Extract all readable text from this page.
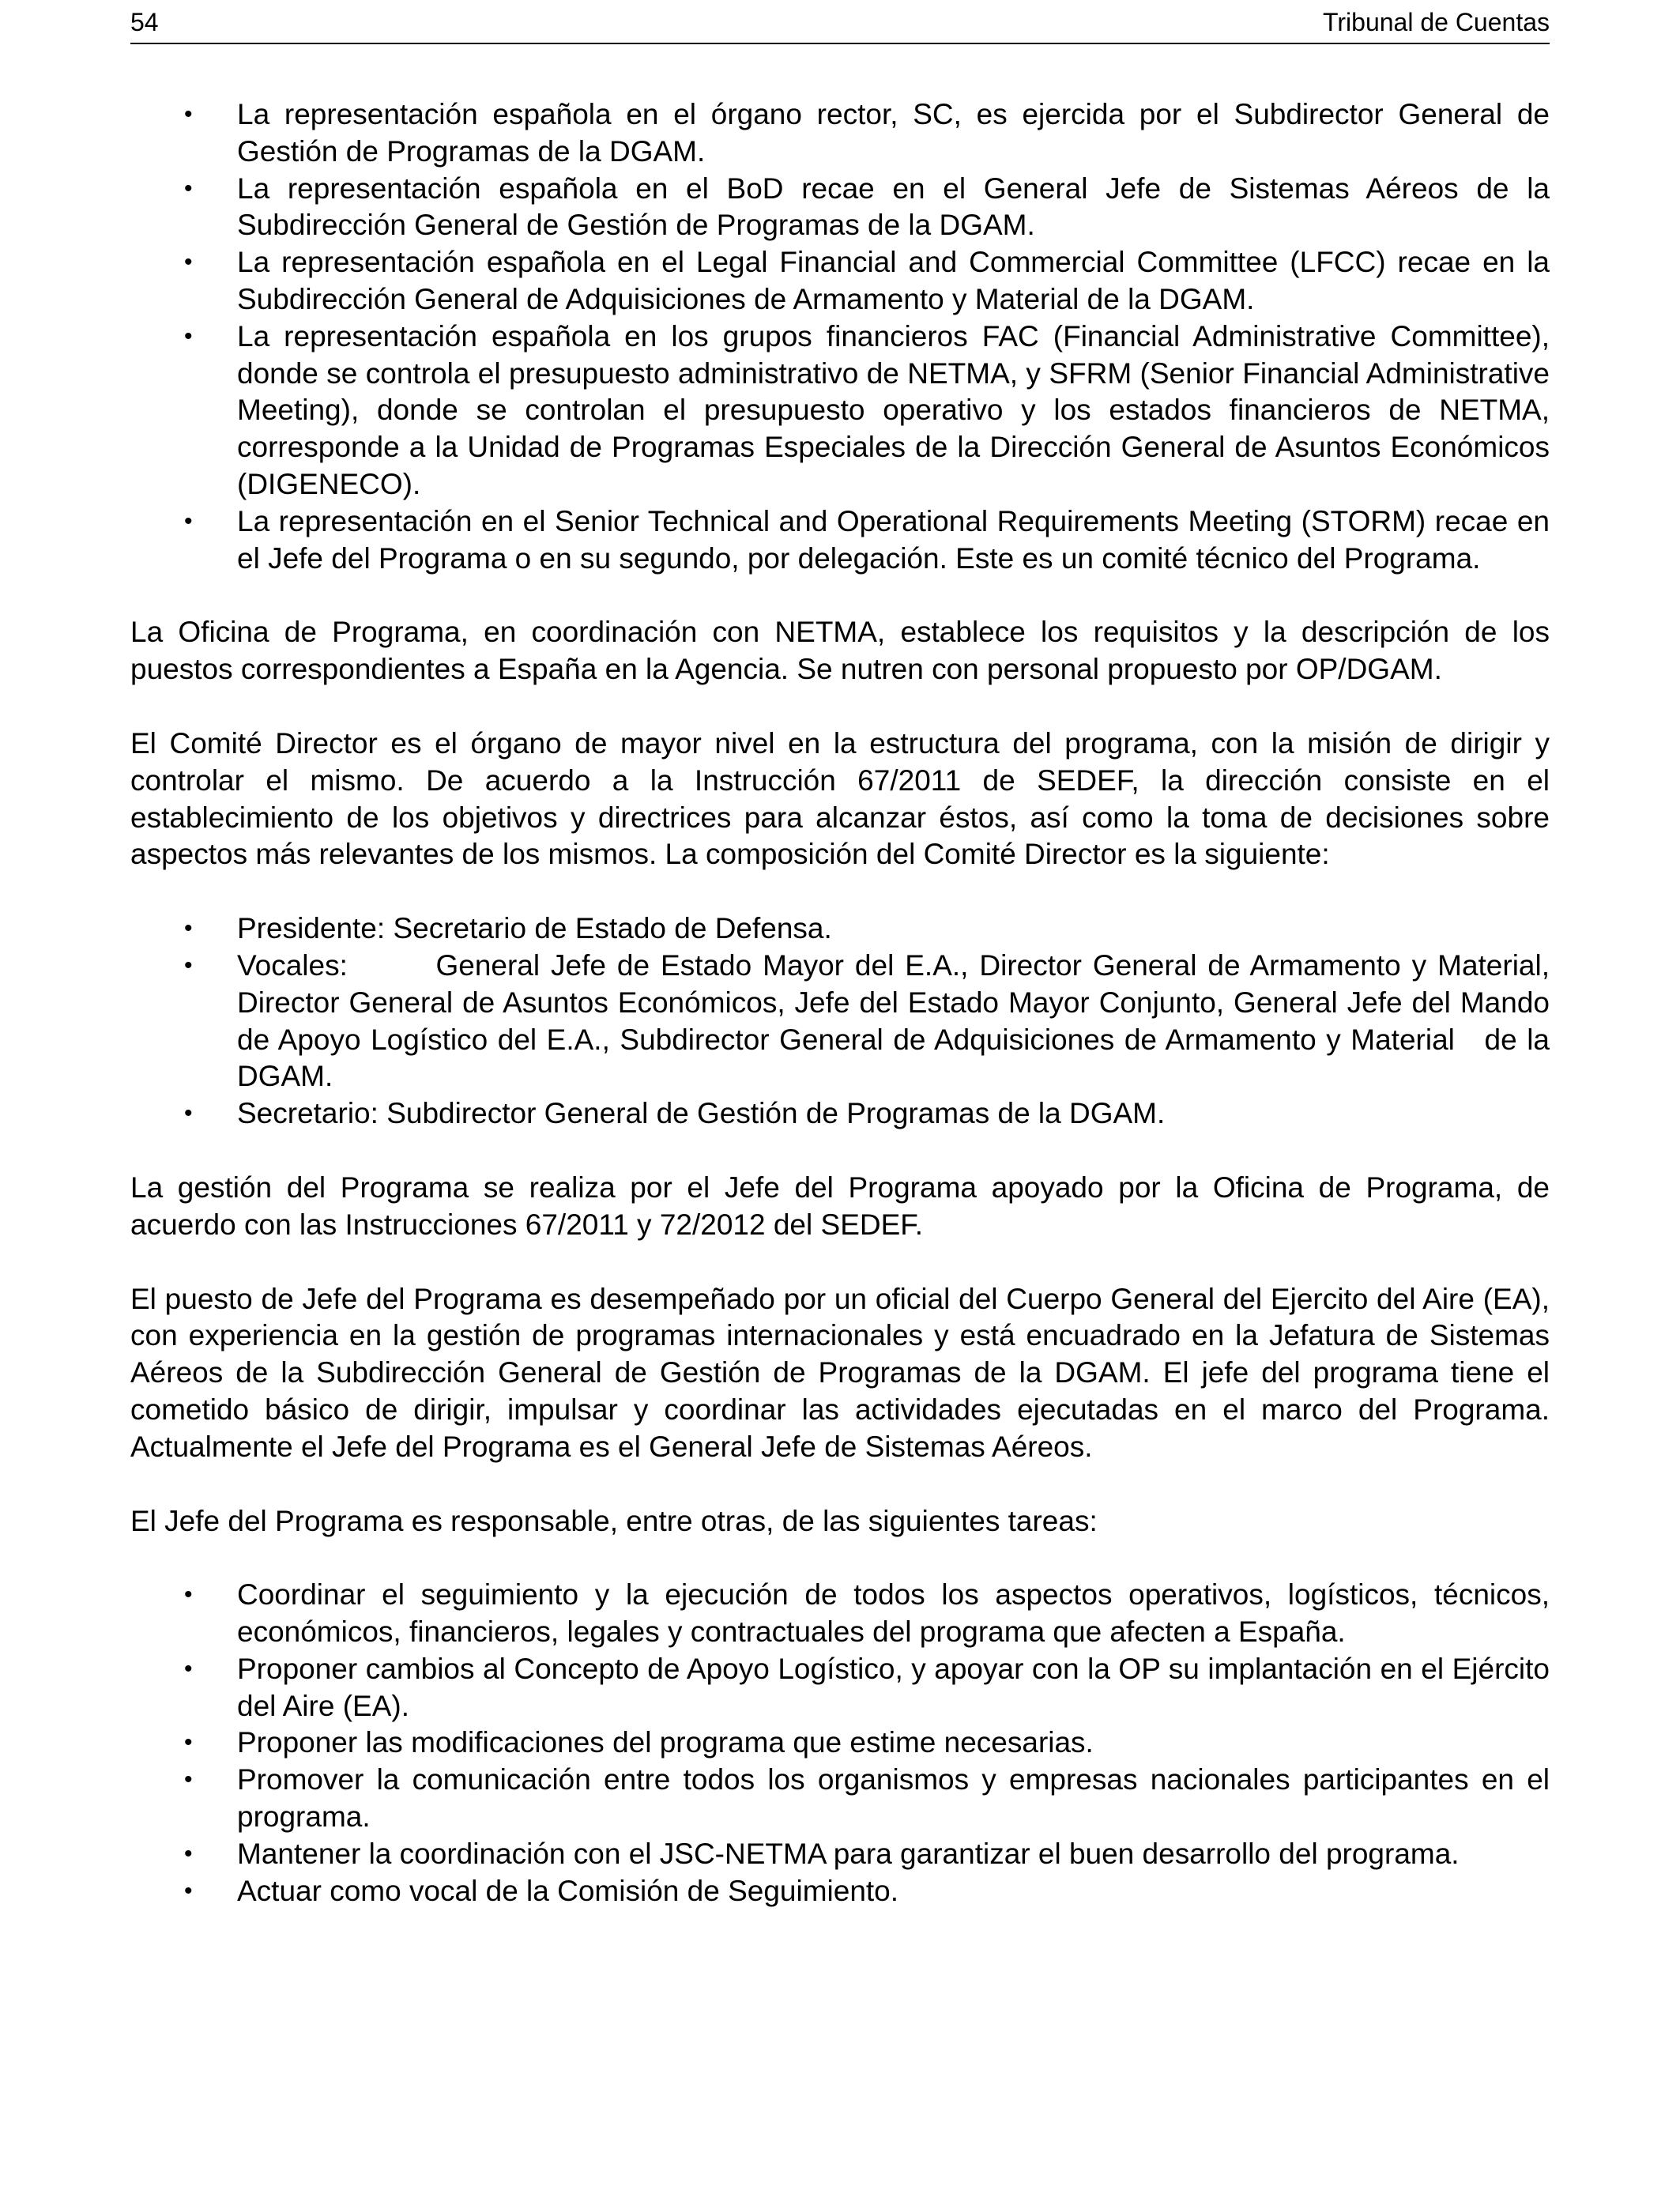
54	Tribunal de Cuentas
• La representación española en el órgano rector, SC, es ejercida por el Subdirector General de Gestión de Programas de la DGAM.
• La representación española en el BoD recae en el General Jefe de Sistemas Aéreos de la Subdirección General de Gestión de Programas de la DGAM.
• La representación española en el Legal Financial and Commercial Committee (LFCC) recae en la Subdirección General de Adquisiciones de Armamento y Material de la DGAM.
• La representación española en los grupos financieros FAC (Financial Administrative Committee), donde se controla el presupuesto administrativo de NETMA, y SFRM (Senior Financial Administrative Meeting), donde se controlan el presupuesto operativo y los estados financieros de NETMA, corresponde a la Unidad de Programas Especiales de la Dirección General de Asuntos Económicos (DIGENECO).
• La representación en el Senior Technical and Operational Requirements Meeting (STORM) recae en el Jefe del Programa o en su segundo, por delegación. Este es un comité técnico del Programa.

La Oficina de Programa, en coordinación con NETMA, establece los requisitos y la descripción de los puestos correspondientes a España en la Agencia. Se nutren con personal propuesto por OP/DGAM.

El Comité Director es el órgano de mayor nivel en la estructura del programa, con la misión de dirigir y controlar el mismo. De acuerdo a la Instrucción 67/2011 de SEDEF, la dirección consiste en el establecimiento de los objetivos y directrices para alcanzar éstos, así como la toma de decisiones sobre aspectos más relevantes de los mismos. La composición del Comité Director es la siguiente:

• Presidente: Secretario de Estado de Defensa.
• Vocales:        General Jefe de Estado Mayor del E.A., Director General de Armamento y Material, Director General de Asuntos Económicos, Jefe del Estado Mayor Conjunto, General Jefe del Mando de Apoyo Logístico del E.A., Subdirector General de Adquisiciones de Armamento y Material   de la DGAM.
• Secretario: Subdirector General de Gestión de Programas de la DGAM.

La gestión del Programa se realiza por el Jefe del Programa apoyado por la Oficina de Programa, de acuerdo con las Instrucciones 67/2011 y 72/2012 del SEDEF.

El puesto de Jefe del Programa es desempeñado por un oficial del Cuerpo General del Ejercito del Aire (EA), con experiencia en la gestión de programas internacionales y está encuadrado en la Jefatura de Sistemas Aéreos de la Subdirección General de Gestión de Programas de la DGAM. El jefe del programa tiene el cometido básico de dirigir, impulsar y coordinar las actividades ejecutadas en el marco del Programa. Actualmente el Jefe del Programa es el General Jefe de Sistemas Aéreos.

El Jefe del Programa es responsable, entre otras, de las siguientes tareas:

• Coordinar el seguimiento y la ejecución de todos los aspectos operativos, logísticos, técnicos, económicos, financieros, legales y contractuales del programa que afecten a España.
• Proponer cambios al Concepto de Apoyo Logístico, y apoyar con la OP su implantación en el Ejército del Aire (EA).
• Proponer las modificaciones del programa que estime necesarias.
• Promover la comunicación entre todos los organismos y empresas nacionales participantes en el programa.
• Mantener la coordinación con el JSC-NETMA para garantizar el buen desarrollo del programa.
• Actuar como vocal de la Comisión de Seguimiento.
